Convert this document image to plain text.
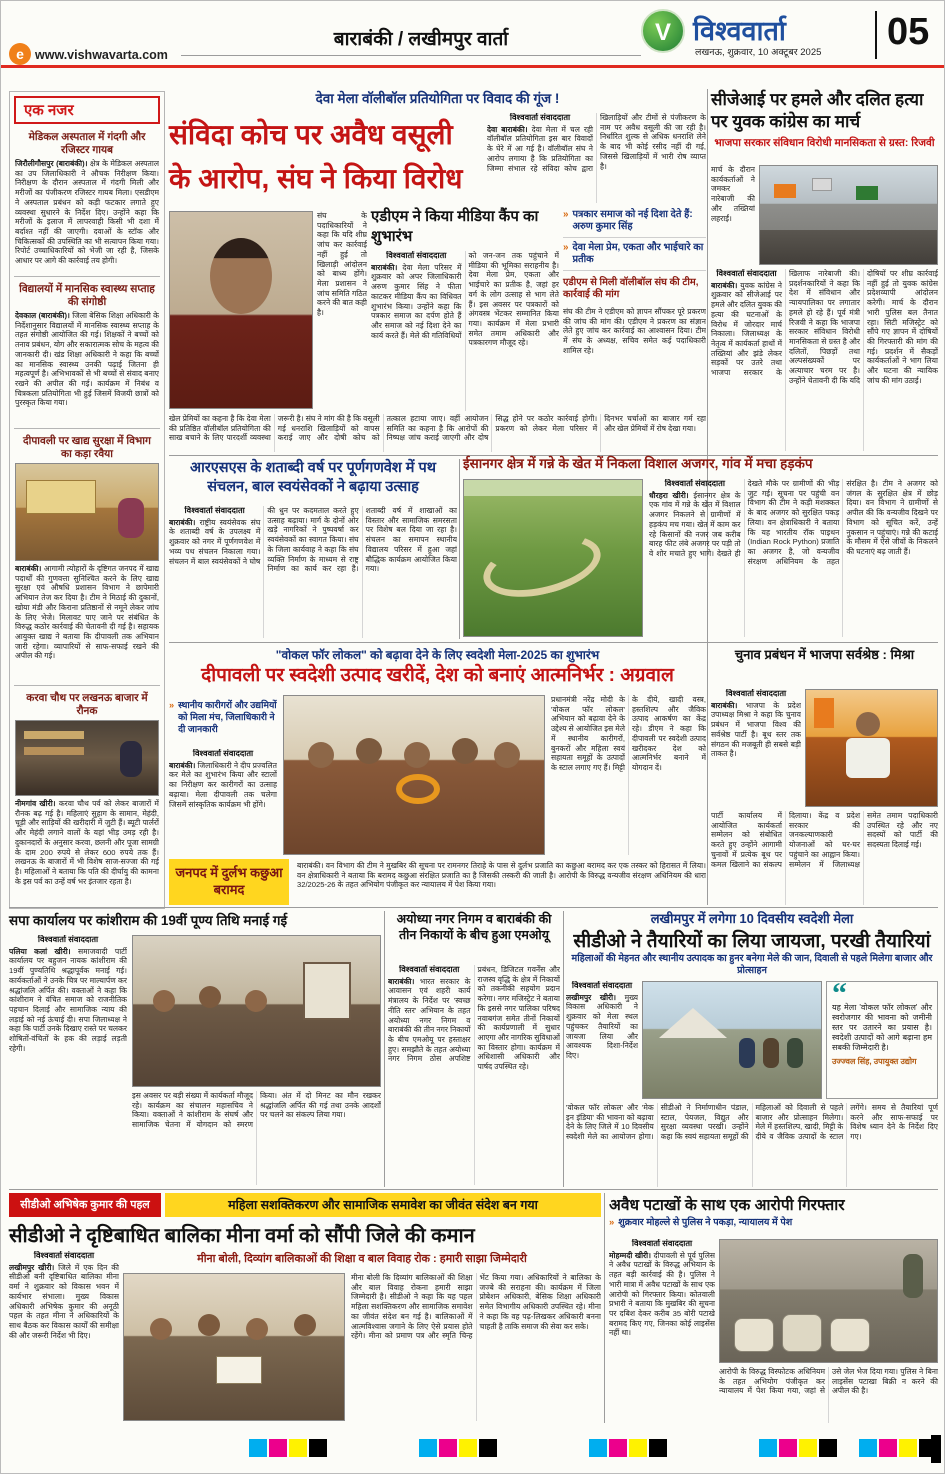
e www.vishwavarta.com
बाराबंकी / लखीमपुर वार्ता	V विश्ववार्ता
लखनऊ, शुक्रवार, 10 अक्टूबर 2025	05
एक नजर
मेडिकल अस्पताल में गंदगी और रजिस्टर गायब
जिरौलीगौसपुर (बाराबंकी)। क्षेत्र के मेडिकल अस्पताल का उप जिलाधिकारी ने औचक निरीक्षण किया। निरीक्षण के दौरान अस्पताल में गंदगी मिली और मरीजों का पंजीकरण रजिस्टर गायब मिला। एसडीएम ने अस्पताल प्रबंधन को कड़ी फटकार लगाते हुए व्यवस्था सुधारने के निर्देश दिए। उन्होंने कहा कि मरीजों के इलाज में लापरवाही किसी भी दशा में बर्दाश्त नहीं की जाएगी। दवाओं के स्टॉक और चिकित्सकों की उपस्थिति का भी सत्यापन किया गया। रिपोर्ट उच्चाधिकारियों को भेजी जा रही है, जिसके आधार पर आगे की कार्रवाई तय होगी।
विद्यालयों में मानसिक स्वास्थ्य सप्ताह की संगोष्ठी
देवकाल (बाराबंकी)। जिला बेसिक शिक्षा अधिकारी के निर्देशानुसार विद्यालयों में मानसिक स्वास्थ्य सप्ताह के तहत संगोष्ठी आयोजित की गई। शिक्षकों ने बच्चों को तनाव प्रबंधन, योग और सकारात्मक सोच के महत्व की जानकारी दी। खंड शिक्षा अधिकारी ने कहा कि बच्चों का मानसिक स्वास्थ्य उनकी पढ़ाई जितना ही महत्वपूर्ण है। अभिभावकों से भी बच्चों से संवाद बनाए रखने की अपील की गई। कार्यक्रम में निबंध व चित्रकला प्रतियोगिता भी हुई जिसमें विजयी छात्रों को पुरस्कृत किया गया।
दीपावली पर खाद्य सुरक्षा में विभाग का कड़ा रवैया
बाराबंकी। आगामी त्योहारों के दृष्टिगत जनपद में खाद्य पदार्थों की गुणवत्ता सुनिश्चित करने के लिए खाद्य सुरक्षा एवं औषधि प्रशासन विभाग ने छापेमारी अभियान तेज कर दिया है। टीम ने मिठाई की दुकानों, खोया मंडी और किराना प्रतिष्ठानों से नमूने लेकर जांच के लिए भेजे। मिलावट पाए जाने पर संबंधित के विरुद्ध कठोर कार्रवाई की चेतावनी दी गई है। सहायक आयुक्त खाद्य ने बताया कि दीपावली तक अभियान जारी रहेगा। व्यापारियों से साफ-सफाई रखने की अपील की गई।
करवा चौथ पर लखनऊ बाजार में रौनक
नीमगांव खीरी। करवा चौथ पर्व को लेकर बाजारों में रौनक बढ़ गई है। महिलाएं सुहाग के सामान, मेहंदी, चूड़ी और साड़ियों की खरीदारी में जुटी हैं। ब्यूटी पार्लरों और मेहंदी लगाने वालों के यहां भीड़ उमड़ रही है। दुकानदारों के अनुसार करवा, छलनी और पूजा सामग्री के दाम 200 रुपये से लेकर 600 रुपये तक हैं। लखनऊ के बाजारों में भी विशेष साज-सज्जा की गई है। महिलाओं ने बताया कि पति की दीर्घायु की कामना के इस पर्व का उन्हें वर्ष भर इंतजार रहता है।
देवा मेला वॉलीबॉल प्रतियोगिता पर विवाद की गूंज !
संविदा कोच पर अवैध वसूली के आरोप, संघ ने किया विरोध
विश्ववार्ता संवाददाता
देवा बाराबंकी। देवा मेला में चल रही वॉलीबॉल प्रतियोगिता इस बार विवादों के घेरे में आ गई है। वॉलीबॉल संघ ने आरोप लगाया है कि प्रतियोगिता का जिम्मा संभाल रहे संविदा कोच द्वारा खिलाड़ियों और टीमों से पंजीकरण के नाम पर अवैध वसूली की जा रही है। निर्धारित शुल्क से अधिक धनराशि लेने के बाद भी कोई रसीद नहीं दी गई, जिससे खिलाड़ियों में भारी रोष व्याप्त है।
संघ के पदाधिकारियों ने कहा कि यदि शीघ्र जांच कर कार्रवाई नहीं हुई तो खिलाड़ी आंदोलन को बाध्य होंगे। मेला प्रशासन ने जांच समिति गठित करने की बात कही है।
एडीएम ने किया मीडिया कैंप का शुभारंभ
विश्ववार्ता संवाददाता
बाराबंकी। देवा मेला परिसर में शुक्रवार को अपर जिलाधिकारी अरुण कुमार सिंह ने फीता काटकर मीडिया कैंप का विधिवत शुभारंभ किया। उन्होंने कहा कि पत्रकार समाज का दर्पण होते हैं और समाज को नई दिशा देने का कार्य करते हैं। मेले की गतिविधियों को जन-जन तक पहुंचाने में मीडिया की भूमिका सराहनीय है। देवा मेला प्रेम, एकता और भाईचारे का प्रतीक है, जहां हर वर्ग के लोग उत्साह से भाग लेते हैं। इस अवसर पर पत्रकारों को अंगवस्त्र भेंटकर सम्मानित किया गया। कार्यक्रम में मेला प्रभारी समेत तमाम अधिकारी और पत्रकारगण मौजूद रहे।
» पत्रकार समाज को नई दिशा देते हैं: अरुण कुमार सिंह
» देवा मेला प्रेम, एकता और भाईचारे का प्रतीक
एडीएम से मिली वॉलीबॉल संघ की टीम, कार्रवाई की मांग
संघ की टीम ने एडीएम को ज्ञापन सौंपकर पूरे प्रकरण की जांच की मांग की। एडीएम ने प्रकरण का संज्ञान लेते हुए जांच कर कार्रवाई का आश्वासन दिया। टीम में संघ के अध्यक्ष, सचिव समेत कई पदाधिकारी शामिल रहे।
खेल प्रेमियों का कहना है कि देवा मेला की प्रतिष्ठित वॉलीबॉल प्रतियोगिता की साख बचाने के लिए पारदर्शी व्यवस्था जरूरी है। संघ ने मांग की है कि वसूली गई धनराशि खिलाड़ियों को वापस कराई जाए और दोषी कोच को तत्काल हटाया जाए। वहीं आयोजन समिति का कहना है कि आरोपों की निष्पक्ष जांच कराई जाएगी और दोष सिद्ध होने पर कठोर कार्रवाई होगी। प्रकरण को लेकर मेला परिसर में दिनभर चर्चाओं का बाजार गर्म रहा और खेल प्रेमियों में रोष देखा गया।
सीजेआई पर हमले और दलित हत्या पर युवक कांग्रेस का मार्च
भाजपा सरकार संविधान विरोधी मानसिकता से ग्रस्त: रिजवी
मार्च के दौरान कार्यकर्ताओं ने जमकर नारेबाजी की और तख्तियां लहराईं।
विश्ववार्ता संवाददाता
बाराबंकी। युवक कांग्रेस ने शुक्रवार को सीजेआई पर हमले और दलित युवक की हत्या की घटनाओं के विरोध में जोरदार मार्च निकाला। जिलाध्यक्ष के नेतृत्व में कार्यकर्ता हाथों में तख्तियां और झंडे लेकर सड़कों पर उतरे तथा भाजपा सरकार के खिलाफ नारेबाजी की। प्रदर्शनकारियों ने कहा कि देश में संविधान और न्यायपालिका पर लगातार हमले हो रहे हैं। पूर्व मंत्री रिजवी ने कहा कि भाजपा सरकार संविधान विरोधी मानसिकता से ग्रस्त है और दलितों, पिछड़ों तथा अल्पसंख्यकों पर अत्याचार चरम पर है। उन्होंने चेतावनी दी कि यदि दोषियों पर शीघ्र कार्रवाई नहीं हुई तो युवक कांग्रेस प्रदेशव्यापी आंदोलन करेगी। मार्च के दौरान भारी पुलिस बल तैनात रहा। सिटी मजिस्ट्रेट को सौंपे गए ज्ञापन में दोषियों की गिरफ्तारी की मांग की गई। प्रदर्शन में सैकड़ों कार्यकर्ताओं ने भाग लिया और घटना की न्यायिक जांच की मांग उठाई।
आरएसएस के शताब्दी वर्ष पर पूर्णगणवेश में पथ संचलन, बाल स्वयंसेवकों ने बढ़ाया उत्साह
विश्ववार्ता संवाददाता
बाराबंकी। राष्ट्रीय स्वयंसेवक संघ के शताब्दी वर्ष के उपलक्ष्य में शुक्रवार को नगर में पूर्णगणवेश में भव्य पथ संचलन निकाला गया। संचलन में बाल स्वयंसेवकों ने घोष की धुन पर कदमताल करते हुए उत्साह बढ़ाया। मार्ग के दोनों ओर खड़े नागरिकों ने पुष्पवर्षा कर स्वयंसेवकों का स्वागत किया। संघ के जिला कार्यवाह ने कहा कि संघ व्यक्ति निर्माण के माध्यम से राष्ट्र निर्माण का कार्य कर रहा है। शताब्दी वर्ष में शाखाओं का विस्तार और सामाजिक समरसता पर विशेष बल दिया जा रहा है। संचलन का समापन स्थानीय विद्यालय परिसर में हुआ जहां बौद्धिक कार्यक्रम आयोजित किया गया।
ईसानगर क्षेत्र में गन्ने के खेत में निकला विशाल अजगर, गांव में मचा हड़कंप
विश्ववार्ता संवाददाता
धौरहरा खीरी। ईसानगर क्षेत्र के एक गांव में गन्ने के खेत में विशाल अजगर निकलने से ग्रामीणों में हड़कंप मच गया। खेत में काम कर रहे किसानों की नजर जब करीब बारह फीट लंबे अजगर पर पड़ी तो वे शोर मचाते हुए भागे। देखते ही देखते मौके पर ग्रामीणों की भीड़ जुट गई। सूचना पर पहुंची वन विभाग की टीम ने कड़ी मशक्कत के बाद अजगर को सुरक्षित पकड़ लिया। वन क्षेत्राधिकारी ने बताया कि यह भारतीय रॉक पाइथन (Indian Rock Python) प्रजाति का अजगर है, जो वन्यजीव संरक्षण अधिनियम के तहत संरक्षित है। टीम ने अजगर को जंगल के सुरक्षित क्षेत्र में छोड़ दिया। वन विभाग ने ग्रामीणों से अपील की कि वन्यजीव दिखने पर विभाग को सूचित करें, उन्हें नुकसान न पहुंचाएं। गन्ने की कटाई के मौसम में ऐसे जीवों के निकलने की घटनाएं बढ़ जाती हैं।
"वोकल फॉर लोकल" को बढ़ावा देने के लिए स्वदेशी मेला-2025 का शुभारंभ
दीपावली पर स्वदेशी उत्पाद खरीदें, देश को बनाएं आत्मनिर्भर : अग्रवाल
» स्थानीय कारीगरों और उद्यमियों को मिला मंच, जिलाधिकारी ने दी जानकारी
विश्ववार्ता संवाददाता
बाराबंकी। जिलाधिकारी ने दीप प्रज्वलित कर मेले का शुभारंभ किया और स्टालों का निरीक्षण कर कारीगरों का उत्साह बढ़ाया। मेला दीपावली तक चलेगा जिसमें सांस्कृतिक कार्यक्रम भी होंगे।
प्रधानमंत्री नरेंद्र मोदी के 'वोकल फॉर लोकल' अभियान को बढ़ावा देने के उद्देश्य से आयोजित इस मेले में स्थानीय कारीगरों, बुनकरों और महिला स्वयं सहायता समूहों के उत्पादों के स्टाल लगाए गए हैं। मिट्टी के दीये, खादी वस्त्र, हस्तशिल्प और जैविक उत्पाद आकर्षण का केंद्र रहे। डीएम ने कहा कि दीपावली पर स्वदेशी उत्पाद खरीदकर देश को आत्मनिर्भर बनाने में योगदान दें।
चुनाव प्रबंधन में भाजपा सर्वश्रेष्ठ : मिश्रा
विश्ववार्ता संवाददाता
बाराबंकी। भाजपा के प्रदेश उपाध्यक्ष मिश्रा ने कहा कि चुनाव प्रबंधन में भाजपा विश्व की सर्वश्रेष्ठ पार्टी है। बूथ स्तर तक संगठन की मजबूती ही सबसे बड़ी ताकत है।
पार्टी कार्यालय में आयोजित कार्यकर्ता सम्मेलन को संबोधित करते हुए उन्होंने आगामी चुनावों में प्रत्येक बूथ पर कमल खिलाने का संकल्प दिलाया। केंद्र व प्रदेश सरकार की जनकल्याणकारी योजनाओं को घर-घर पहुंचाने का आह्वान किया। सम्मेलन में जिलाध्यक्ष समेत तमाम पदाधिकारी उपस्थित रहे और नए सदस्यों को पार्टी की सदस्यता दिलाई गई।
जनपद में दुर्लभ कछुआ बरामद
बाराबंकी। वन विभाग की टीम ने मुखबिर की सूचना पर रामनगर तिराहे के पास से दुर्लभ प्रजाति का कछुआ बरामद कर एक तस्कर को हिरासत में लिया। वन क्षेत्राधिकारी ने बताया कि बरामद कछुआ संरक्षित प्रजाति का है जिसकी तस्करी की जाती है। आरोपी के विरुद्ध वन्यजीव संरक्षण अधिनियम की धारा 32/2025-26 के तहत अभियोग पंजीकृत कर न्यायालय में पेश किया गया।
सपा कार्यालय पर कांशीराम की 19वीं पूण्य तिथि मनाई गई
विश्ववार्ता संवाददाता
पलिया कलां खीरी। समाजवादी पार्टी कार्यालय पर बहुजन नायक कांशीराम की 19वीं पुण्यतिथि श्रद्धापूर्वक मनाई गई। कार्यकर्ताओं ने उनके चित्र पर माल्यार्पण कर श्रद्धांजलि अर्पित की। वक्ताओं ने कहा कि कांशीराम ने वंचित समाज को राजनीतिक पहचान दिलाई और सामाजिक न्याय की लड़ाई को नई ऊंचाई दी। सपा जिलाध्यक्ष ने कहा कि पार्टी उनके दिखाए रास्ते पर चलकर शोषितों-वंचितों के हक की लड़ाई लड़ती रहेगी।
इस अवसर पर बड़ी संख्या में कार्यकर्ता मौजूद रहे। कार्यक्रम का संचालन महासचिव ने किया। वक्ताओं ने कांशीराम के संघर्ष और सामाजिक चेतना में योगदान को स्मरण किया। अंत में दो मिनट का मौन रखकर श्रद्धांजलि अर्पित की गई तथा उनके आदर्शों पर चलने का संकल्प लिया गया।
अयोध्या नगर निगम व बाराबंकी की तीन निकायों के बीच हुआ एमओयू
विश्ववार्ता संवाददाता
बाराबंकी। भारत सरकार के आवासन एवं शहरी कार्य मंत्रालय के निर्देश पर 'स्वच्छ नीति स्तर' अभियान के तहत अयोध्या नगर निगम व बाराबंकी की तीन नगर निकायों के बीच एमओयू पर हस्ताक्षर हुए। समझौते के तहत अयोध्या नगर निगम ठोस अपशिष्ट प्रबंधन, डिजिटल गवर्नेंस और राजस्व वृद्धि के क्षेत्र में निकायों को तकनीकी सहयोग प्रदान करेगा। नगर मजिस्ट्रेट ने बताया कि इससे नगर पालिका परिषद नवाबगंज समेत तीनों निकायों की कार्यप्रणाली में सुधार आएगा और नागरिक सुविधाओं का विस्तार होगा। कार्यक्रम में अधिशासी अधिकारी और पार्षद उपस्थित रहे।
लखीमपुर में लगेगा 10 दिवसीय स्वदेशी मेला
सीडीओ ने तैयारियों का लिया जायजा, परखी तैयारियां
महिलाओं की मेहनत और स्थानीय उत्पादक का हुनर बनेगा मेले की जान, दिवाली से पहले मिलेगा बाजार और प्रोत्साहन
विश्ववार्ता संवाददाता
लखीमपुर खीरी। मुख्य विकास अधिकारी ने शुक्रवार को मेला स्थल पहुंचकर तैयारियों का जायजा लिया और आवश्यक दिशा-निर्देश दिए।
“
यह मेला 'वोकल फॉर लोकल' और स्वरोजगार की भावना को जमीनी स्तर पर उतारने का प्रयास है। स्वदेशी उत्पादों को आगे बढ़ाना हम सबकी जिम्मेदारी है।
उज्ज्वल सिंह, उपायुक्त उद्योग
'वोकल फॉर लोकल' और 'मेक इन इंडिया' की भावना को बढ़ावा देने के लिए जिले में 10 दिवसीय स्वदेशी मेले का आयोजन होगा। सीडीओ ने निर्माणाधीन पंडाल, स्टाल, पेयजल, विद्युत और सुरक्षा व्यवस्था परखी। उन्होंने कहा कि स्वयं सहायता समूहों की महिलाओं को दिवाली से पहले बाजार और प्रोत्साहन मिलेगा। मेले में हस्तशिल्प, खादी, मिट्टी के दीये व जैविक उत्पादों के स्टाल लगेंगे। समय से तैयारियां पूर्ण करने और साफ-सफाई पर विशेष ध्यान देने के निर्देश दिए गए।
सीडीओ अभिषेक कुमार की पहल	महिला सशक्तिकरण और सामाजिक समावेश का जीवंत संदेश बन गया
सीडीओ ने दृष्टिबाधित बालिका मीना वर्मा को सौंपी जिले की कमान
मीना बोली, दिव्यांग बालिकाओं की शिक्षा व बाल विवाह रोक : हमारी साझा जिम्मेदारी
विश्ववार्ता संवाददाता
लखीमपुर खीरी। जिले में एक दिन की सीडीओ बनी दृष्टिबाधित बालिका मीना वर्मा ने शुक्रवार को विकास भवन में कार्यभार संभाला। मुख्य विकास अधिकारी अभिषेक कुमार की अनूठी पहल के तहत मीना ने अधिकारियों के साथ बैठक कर विकास कार्यों की समीक्षा की और जरूरी निर्देश भी दिए।
मीना बोली कि दिव्यांग बालिकाओं की शिक्षा और बाल विवाह रोकना हमारी साझा जिम्मेदारी है। सीडीओ ने कहा कि यह पहल महिला सशक्तिकरण और सामाजिक समावेश का जीवंत संदेश बन गई है। बालिकाओं में आत्मविश्वास जगाने के लिए ऐसे प्रयास होते रहेंगे। मीना को प्रमाण पत्र और स्मृति चिन्ह भेंट किया गया। अधिकारियों ने बालिका के जज्बे की सराहना की। कार्यक्रम में जिला प्रोबेशन अधिकारी, बेसिक शिक्षा अधिकारी समेत विभागीय अधिकारी उपस्थित रहे। मीना ने कहा कि वह पढ़-लिखकर अधिकारी बनना चाहती है ताकि समाज की सेवा कर सके।
अवैध पटाखों के साथ एक आरोपी गिरफ्तार
» शुक्रवार मोहल्ले से पुलिस ने पकड़ा, न्यायालय में पेश
विश्ववार्ता संवाददाता
मोहम्मदी खीरी। दीपावली से पूर्व पुलिस ने अवैध पटाखों के विरुद्ध अभियान के तहत बड़ी कार्रवाई की है। पुलिस ने भारी मात्रा में अवैध पटाखों के साथ एक आरोपी को गिरफ्तार किया। कोतवाली प्रभारी ने बताया कि मुखबिर की सूचना पर दबिश देकर करीब 35 बोरी पटाखे बरामद किए गए, जिनका कोई लाइसेंस नहीं था।
आरोपी के विरुद्ध विस्फोटक अधिनियम के तहत अभियोग पंजीकृत कर न्यायालय में पेश किया गया, जहां से उसे जेल भेज दिया गया। पुलिस ने बिना लाइसेंस पटाखा बिक्री न करने की अपील की है।
